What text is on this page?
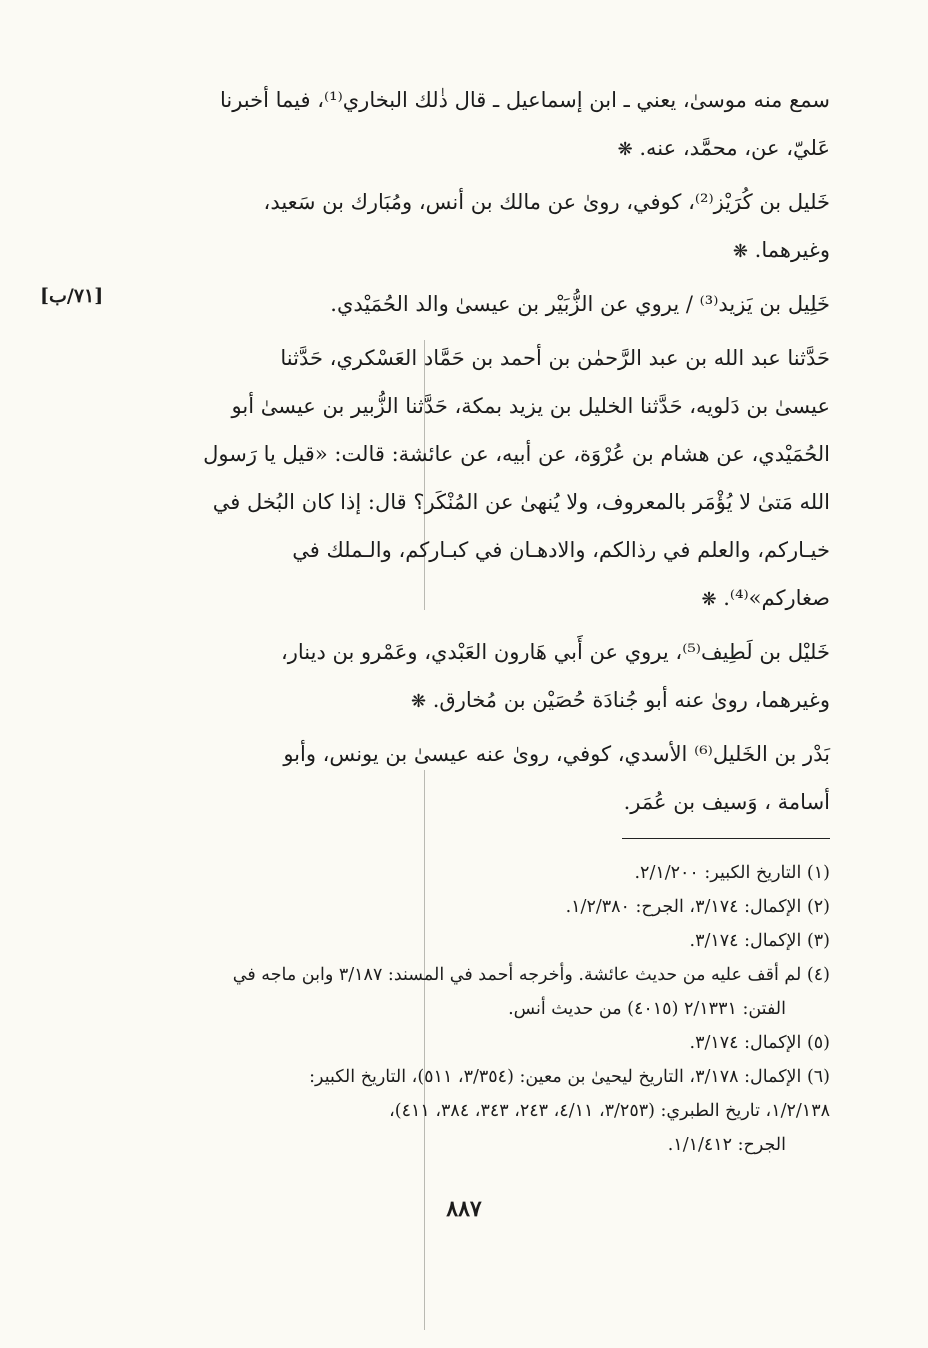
[٧١/ب]

سمع منه موسىٰ، يعني ـ ابن إسماعيل ـ قال ذٰلك البخاري⁽¹⁾، فيما أخبرنا

عَليّ، عن، محمَّد، عنه. ❋

خَليل بن كُرَيْز⁽²⁾، كوفي، روىٰ عن مالك بن أنس، ومُبَارك بن سَعيد،

وغيرهما. ❋

خَلِيل بن يَزيد⁽³⁾ / يروي عن الزُّبَيْر بن عيسىٰ والد الحُمَيْدي.

حَدَّثنا عبد الله بن عبد الرَّحمٰن بن أحمد بن حَمَّاد العَسْكري، حَدَّثنا

عيسىٰ بن دَلويه، حَدَّثنا الخليل بن يزيد بمكة، حَدَّثنا الزُّبير بن عيسىٰ أبو

الحُمَيْدي، عن هشام بن عُرْوَة، عن أبيه، عن عائشة: قالت: «قيل يا رَسول

الله مَتىٰ لا يُؤْمَر بالمعروف، ولا يُنهىٰ عن المُنْكَر؟ قال: إذا كان البُخل في

خيـاركم، والعلم في رذالكم، والادهـان في كبـاركم، والـملك في

صغاركم»⁽⁴⁾. ❋

خَليْل بن لَطِيف⁽⁵⁾، يروي عن أَبي هَارون العَبْدي، وعَمْرو بن دينار،

وغيرهما، روىٰ عنه أبو جُنادَة حُصَيْن بن مُخارق. ❋

بَدْر بن الخَليل⁽⁶⁾ الأسدي، كوفي، روىٰ عنه عيسىٰ بن يونس، وأبو

أسامة ، وَسيف بن عُمَر.

(١) التاريخ الكبير: ٢/١/٢٠٠.

(٢) الإكمال: ٣/١٧٤، الجرح: ١/٢/٣٨٠.

(٣) الإكمال: ٣/١٧٤.

(٤) لم أقف عليه من حديث عائشة. وأخرجه أحمد في المسند: ٣/١٨٧ وابن ماجه في

الفتن: ٢/١٣٣١ (٤٠١٥) من حديث أنس.

(٥) الإكمال: ٣/١٧٤.

(٦) الإكمال: ٣/١٧٨، التاريخ ليحيىٰ بن معين: (٣/٣٥٤، ٥١١)، التاريخ الكبير:

١/٢/١٣٨، تاريخ الطبري: (٣/٢٥٣، ٤/١١، ٢٤٣، ٣٤٣، ٣٨٤، ٤١١)،

الجرح: ١/١/٤١٢.

٨٨٧
